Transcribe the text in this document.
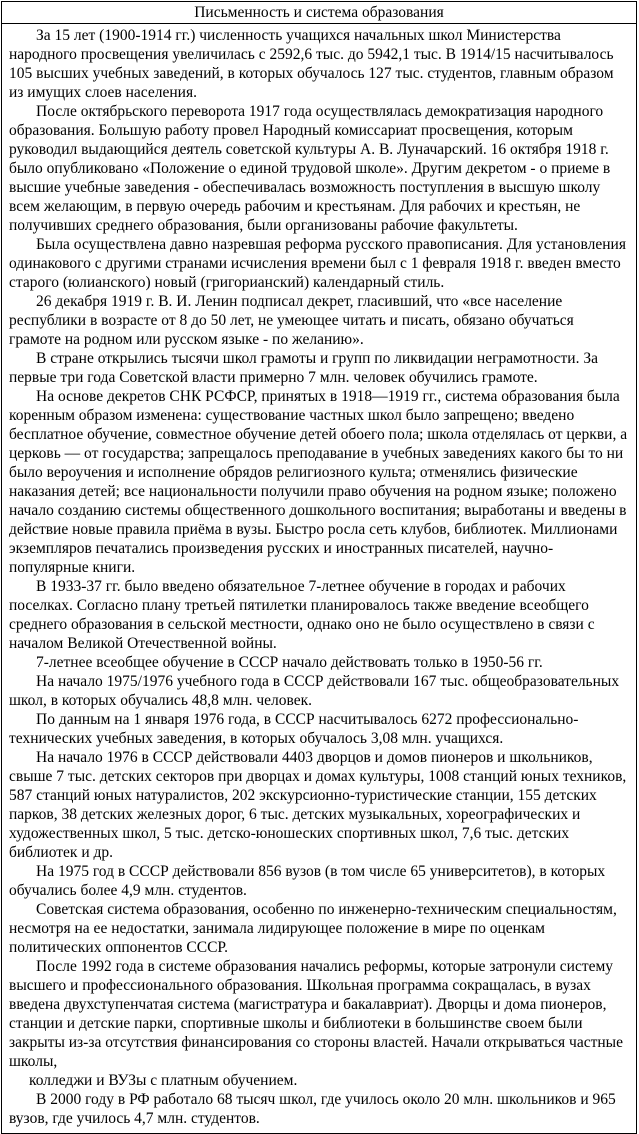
Письменность и система образования

За 15 лет (1900-1914 гг.) численность учащихся начальных школ Министерства народного просвещения увеличилась с 2592,6 тыс. до 5942,1 тыс. В 1914/15 насчитывалось 105 высших учебных заведений, в которых обучалось 127 тыс. студентов, главным образом из имущих слоев населения.

После октябрьского переворота 1917 года осуществлялась демократизация народного образования. Большую работу провел Народный комиссариат просвещения, которым руководил выдающийся деятель советской культуры А. В. Луначарский. 16 октября 1918 г. было опубликовано «Положение о единой трудовой школе». Другим декретом - о приеме в высшие учебные заведения - обеспечивалась возможность поступления в высшую школу всем желающим, в первую очередь рабочим и крестьянам. Для рабочих и крестьян, не получивших среднего образования, были организованы рабочие факультеты.

Была осуществлена давно назревшая реформа русского правописания. Для установления одинакового с другими странами исчисления времени был с 1 февраля 1918 г. введен вместо старого (юлианского) новый (григорианский) календарный стиль.

26 декабря 1919 г. В. И. Ленин подписал декрет, гласивший, что «все население республики в возрасте от 8 до 50 лет, не умеющее читать и писать, обязано обучаться грамоте на родном или русском языке - по желанию».

В стране открылись тысячи школ грамоты и групп по ликвидации неграмотности. За первые три года Советской власти примерно 7 млн. человек обучились грамоте.

На основе декретов СНК РСФСР, принятых в 1918—1919 гг., система образования была коренным образом изменена: существование частных школ было запрещено; введено бесплатное обучение, совместное обучение детей обоего пола; школа отделялась от церкви, а церковь — от государства; запрещалось преподавание в учебных заведениях какого бы то ни было вероучения и исполнение обрядов религиозного культа; отменялись физические наказания детей; все национальности получили право обучения на родном языке; положено начало созданию системы общественного дошкольного воспитания; выработаны и введены в действие новые правила приёма в вузы. Быстро росла сеть клубов, библиотек. Миллионами экземпляров печатались произведения русских и иностранных писателей, научно-популярные книги.

В 1933-37 гг. было введено обязательное 7-летнее обучение в городах и рабочих поселках. Согласно плану третьей пятилетки планировалось также введение всеобщего среднего образования в сельской местности, однако оно не было осуществлено в связи с началом Великой Отечественной войны.

7-летнее всеобщее обучение в СССР начало действовать только в 1950-56 гг.

На начало 1975/1976 учебного года в СССР действовали 167 тыс. общеобразовательных школ, в которых обучались 48,8 млн. человек.

По данным на 1 января 1976 года, в СССР насчитывалось 6272 профессионально-технических учебных заведения, в которых обучалось 3,08 млн. учащихся.

На начало 1976 в СССР действовали 4403 дворцов и домов пионеров и школьников, свыше 7 тыс. детских секторов при дворцах и домах культуры, 1008 станций юных техников, 587 станций юных натуралистов, 202 экскурсионно-туристические станции, 155 детских парков, 38 детских железных дорог, 6 тыс. детских музыкальных, хореографических и художественных школ, 5 тыс. детско-юношеских спортивных школ, 7,6 тыс. детских библиотек и др.

На 1975 год в СССР действовали 856 вузов (в том числе 65 университетов), в которых обучались более 4,9 млн. студентов.

Советская система образования, особенно по инженерно-техническим специальностям, несмотря на ее недостатки, занимала лидирующее положение в мире по оценкам политических оппонентов СССР.

После 1992 года в системе образования начались реформы, которые затронули систему высшего и профессионального образования. Школьная программа сокращалась, в вузах введена двухступенчатая система (магистратура и бакалавриат). Дворцы и дома пионеров, станции и детские парки, спортивные школы и библиотеки в большинстве своем были закрыты из-за отсутствия финансирования со стороны властей. Начали открываться частные школы,

колледжи и ВУЗы с платным обучением.

В 2000 году в РФ работало 68 тысяч школ, где училось около 20 млн. школьников и 965 вузов, где училось 4,7 млн. студентов.
